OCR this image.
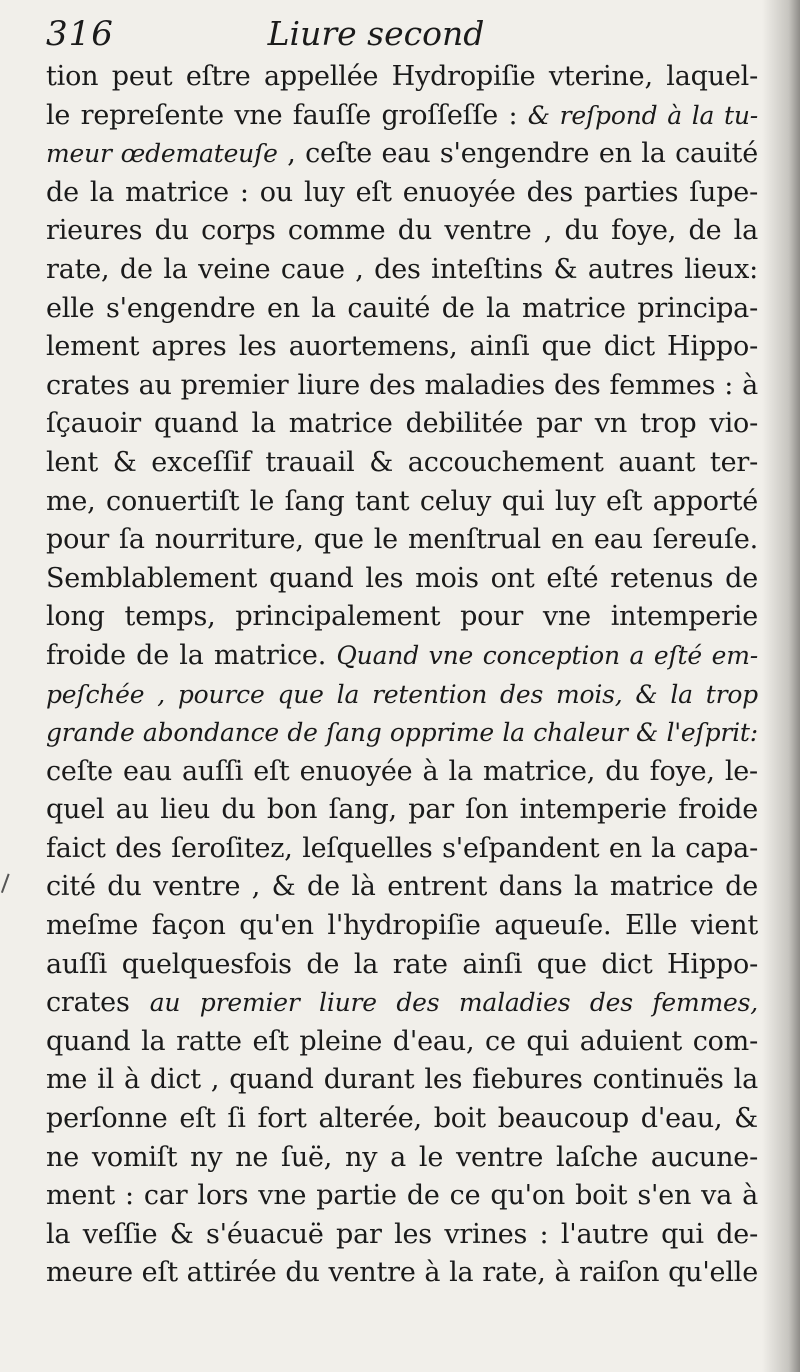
316	Liure second
tion peut eſtre appellée Hydropiſie vterine, laquel-
le repreſente vne fauſſe groſſeſſe : & reſpond à la tu-
meur œdemateuſe , ceſte eau s'engendre en la cauité
de la matrice : ou luy eſt enuoyée des parties ſupe-
rieures du corps comme du ventre , du foye, de la
rate, de la veine caue , des inteſtins & autres lieux:
elle s'engendre en la cauité de la matrice principa-
lement apres les auortemens, ainſi que dict Hippo-
crates au premier liure des maladies des femmes : à
ſçauoir quand la matrice debilitée par vn trop vio-
lent & exceſſif trauail & accouchement auant ter-
me, conuertiſt le ſang tant celuy qui luy eſt apporté
pour ſa nourriture, que le menſtrual en eau ſereuſe.
Semblablement quand les mois ont eſté retenus de
long temps, principalement pour vne intemperie
froide de la matrice. Quand vne conception a eſté em-
peſchée , pource que la retention des mois, & la trop
grande abondance de ſang opprime la chaleur & l'eſprit:
ceſte eau auſſi eſt enuoyée à la matrice, du foye, le-
quel au lieu du bon ſang, par ſon intemperie froide
faict des ſeroſitez, leſquelles s'eſpandent en la capa-
cité du ventre , & de là entrent dans la matrice de
meſme façon qu'en l'hydropiſie aqueuſe. Elle vient
auſſi quelquesfois de la rate ainſi que dict Hippo-
crates au premier liure des maladies des femmes,
quand la ratte eſt pleine d'eau, ce qui aduient com-
me il à dict , quand durant les fiebures continuës la
perſonne eſt ſi fort alterée, boit beaucoup d'eau, &
ne vomiſt ny ne ſuë, ny a le ventre laſche aucune-
ment : car lors vne partie de ce qu'on boit s'en va à
la veſſie & s'éuacuë par les vrines : l'autre qui de-
meure eſt attirée du ventre à la rate, à raiſon qu'elle
